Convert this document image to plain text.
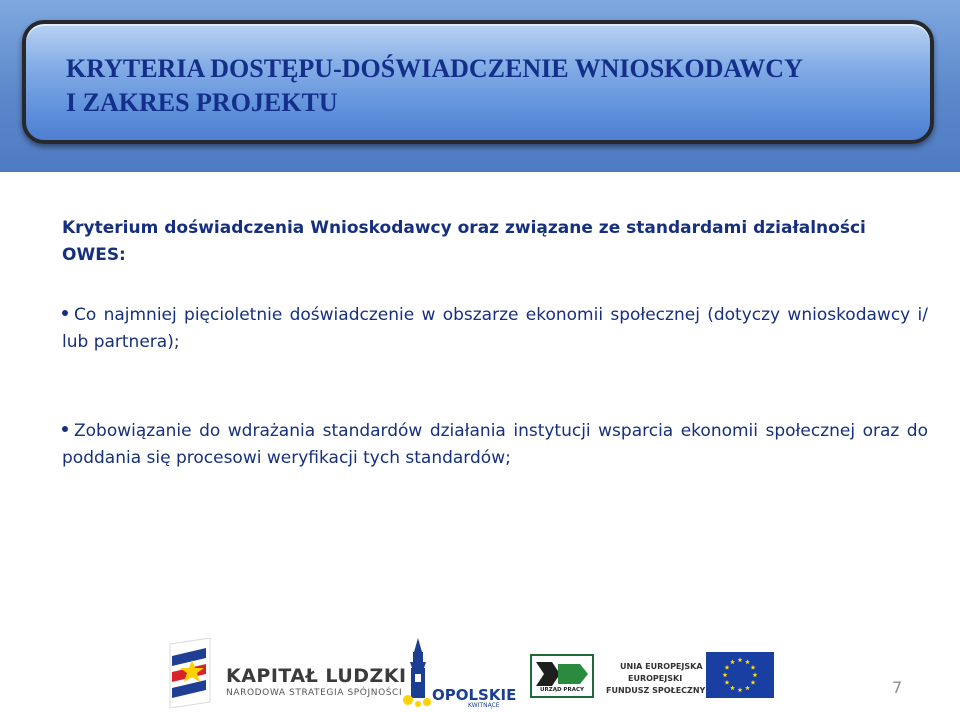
KRYTERIA DOSTĘPU-DOŚWIADCZENIE WNIOSKODAWCY
I ZAKRES PROJEKTU
Kryterium doświadczenia Wnioskodawcy oraz związane ze standardami działalności OWES:
Co najmniej pięcioletnie doświadczenie w obszarze ekonomii społecznej (dotyczy wnioskodawcy i/ lub partnera);
Zobowiązanie do wdrażania standardów działania instytucji wsparcia ekonomii społecznej oraz do poddania się procesowi weryfikacji tych standardów;
KAPITAŁ LUDZKI
NARODOWA STRATEGIA SPÓJNOŚCI OPOLSKIE
KWITNĄCE
URZĄD PRACY
UNIA EUROPEJSKA
EUROPEJSKI
FUNDUSZ SPOŁECZNY	7
